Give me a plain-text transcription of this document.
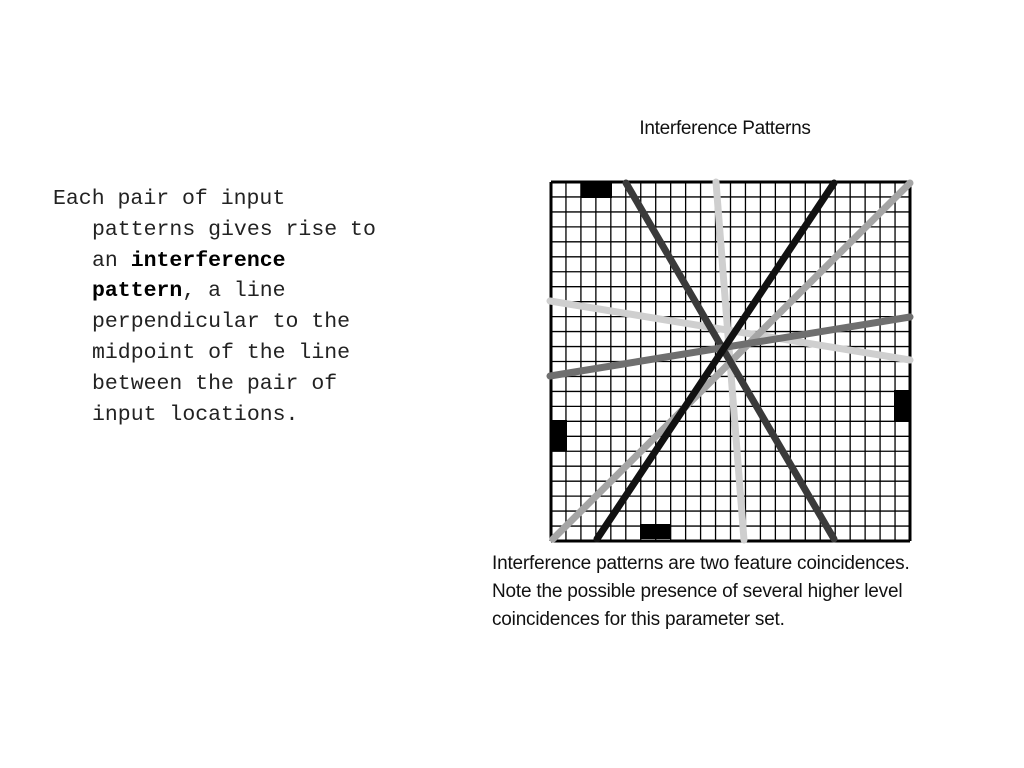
Each pair of input patterns gives rise to an interference pattern, a line perpendicular to the midpoint of the line between the pair of input locations.
Interference Patterns
Interference patterns are two feature coincidences.
Note the possible presence of several higher level
coincidences for this parameter set.
